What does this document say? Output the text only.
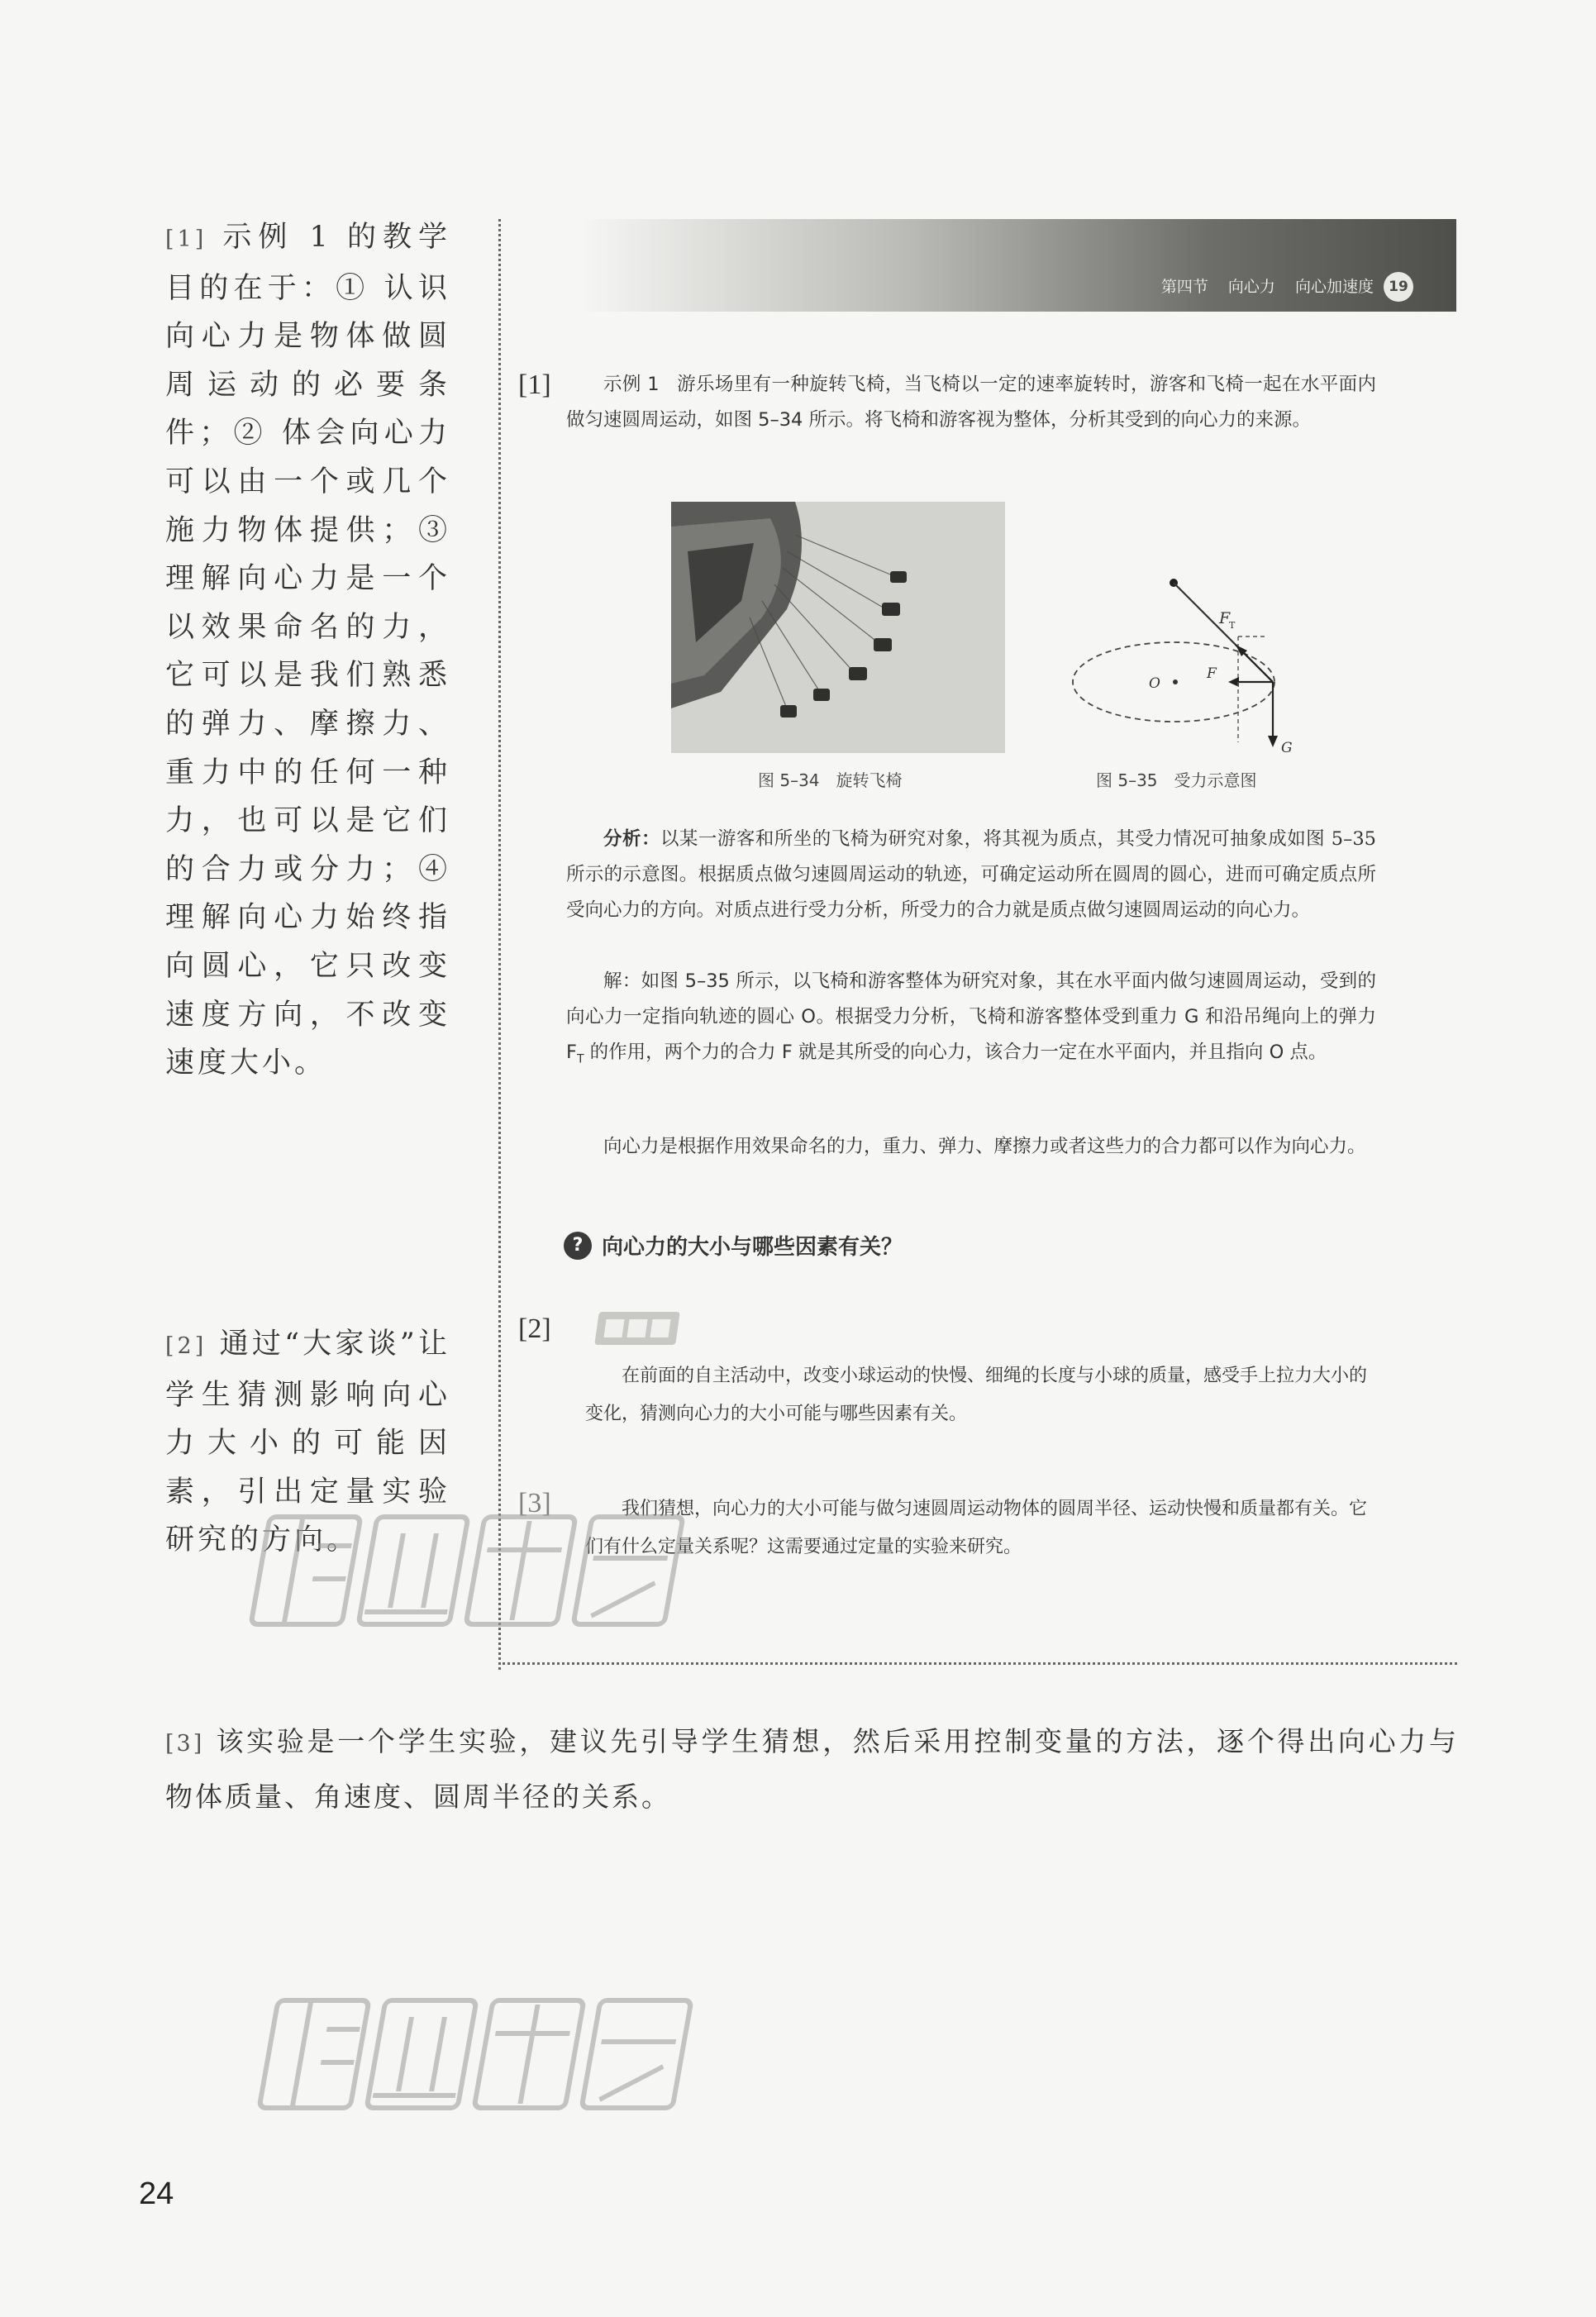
[1] 示例 1 的教学目的在于：① 认识向心力是物体做圆周运动的必要条件；② 体会向心力可以由一个或几个施力物体提供；③ 理解向心力是一个以效果命名的力，它可以是我们熟悉的弹力、摩擦力、重力中的任何一种力，也可以是它们的合力或分力；④ 理解向心力始终指向圆心，它只改变速度方向，不改变速度大小。
[2] 通过“大家谈”让学生猜测影响向心力大小的可能因素，引出定量实验研究的方向。
第四节 向心力 向心加速度	19
[1]
[2]
[3]
示例 1 游乐场里有一种旋转飞椅，当飞椅以一定的速率旋转时，游客和飞椅一起在水平面内做匀速圆周运动，如图 5–34 所示。将飞椅和游客视为整体，分析其受到的向心力的来源。
图 5–34　旋转飞椅
F
T
F
O
G
图 5–35　受力示意图
分析：以某一游客和所坐的飞椅为研究对象，将其视为质点，其受力情况可抽象成如图 5–35 所示的示意图。根据质点做匀速圆周运动的轨迹，可确定运动所在圆周的圆心，进而可确定质点所受向心力的方向。对质点进行受力分析，所受力的合力就是质点做匀速圆周运动的向心力。
解：如图 5–35 所示，以飞椅和游客整体为研究对象，其在水平面内做匀速圆周运动，受到的向心力一定指向轨迹的圆心 O。根据受力分析，飞椅和游客整体受到重力 G 和沿吊绳向上的弹力 $F_T$ 的作用，两个力的合力 F 就是其所受的向心力，该合力一定在水平面内，并且指向 O 点。
向心力是根据作用效果命名的力，重力、弹力、摩擦力或者这些力的合力都可以作为向心力。
? 向心力的大小与哪些因素有关？
在前面的自主活动中，改变小球运动的快慢、细绳的长度与小球的质量，感受手上拉力大小的变化，猜测向心力的大小可能与哪些因素有关。
我们猜想，向心力的大小可能与做匀速圆周运动物体的圆周半径、运动快慢和质量都有关。它们有什么定量关系呢？这需要通过定量的实验来研究。
[3] 该实验是一个学生实验，建议先引导学生猜想，然后采用控制变量的方法，逐个得出向心力与物体质量、角速度、圆周半径的关系。
24
